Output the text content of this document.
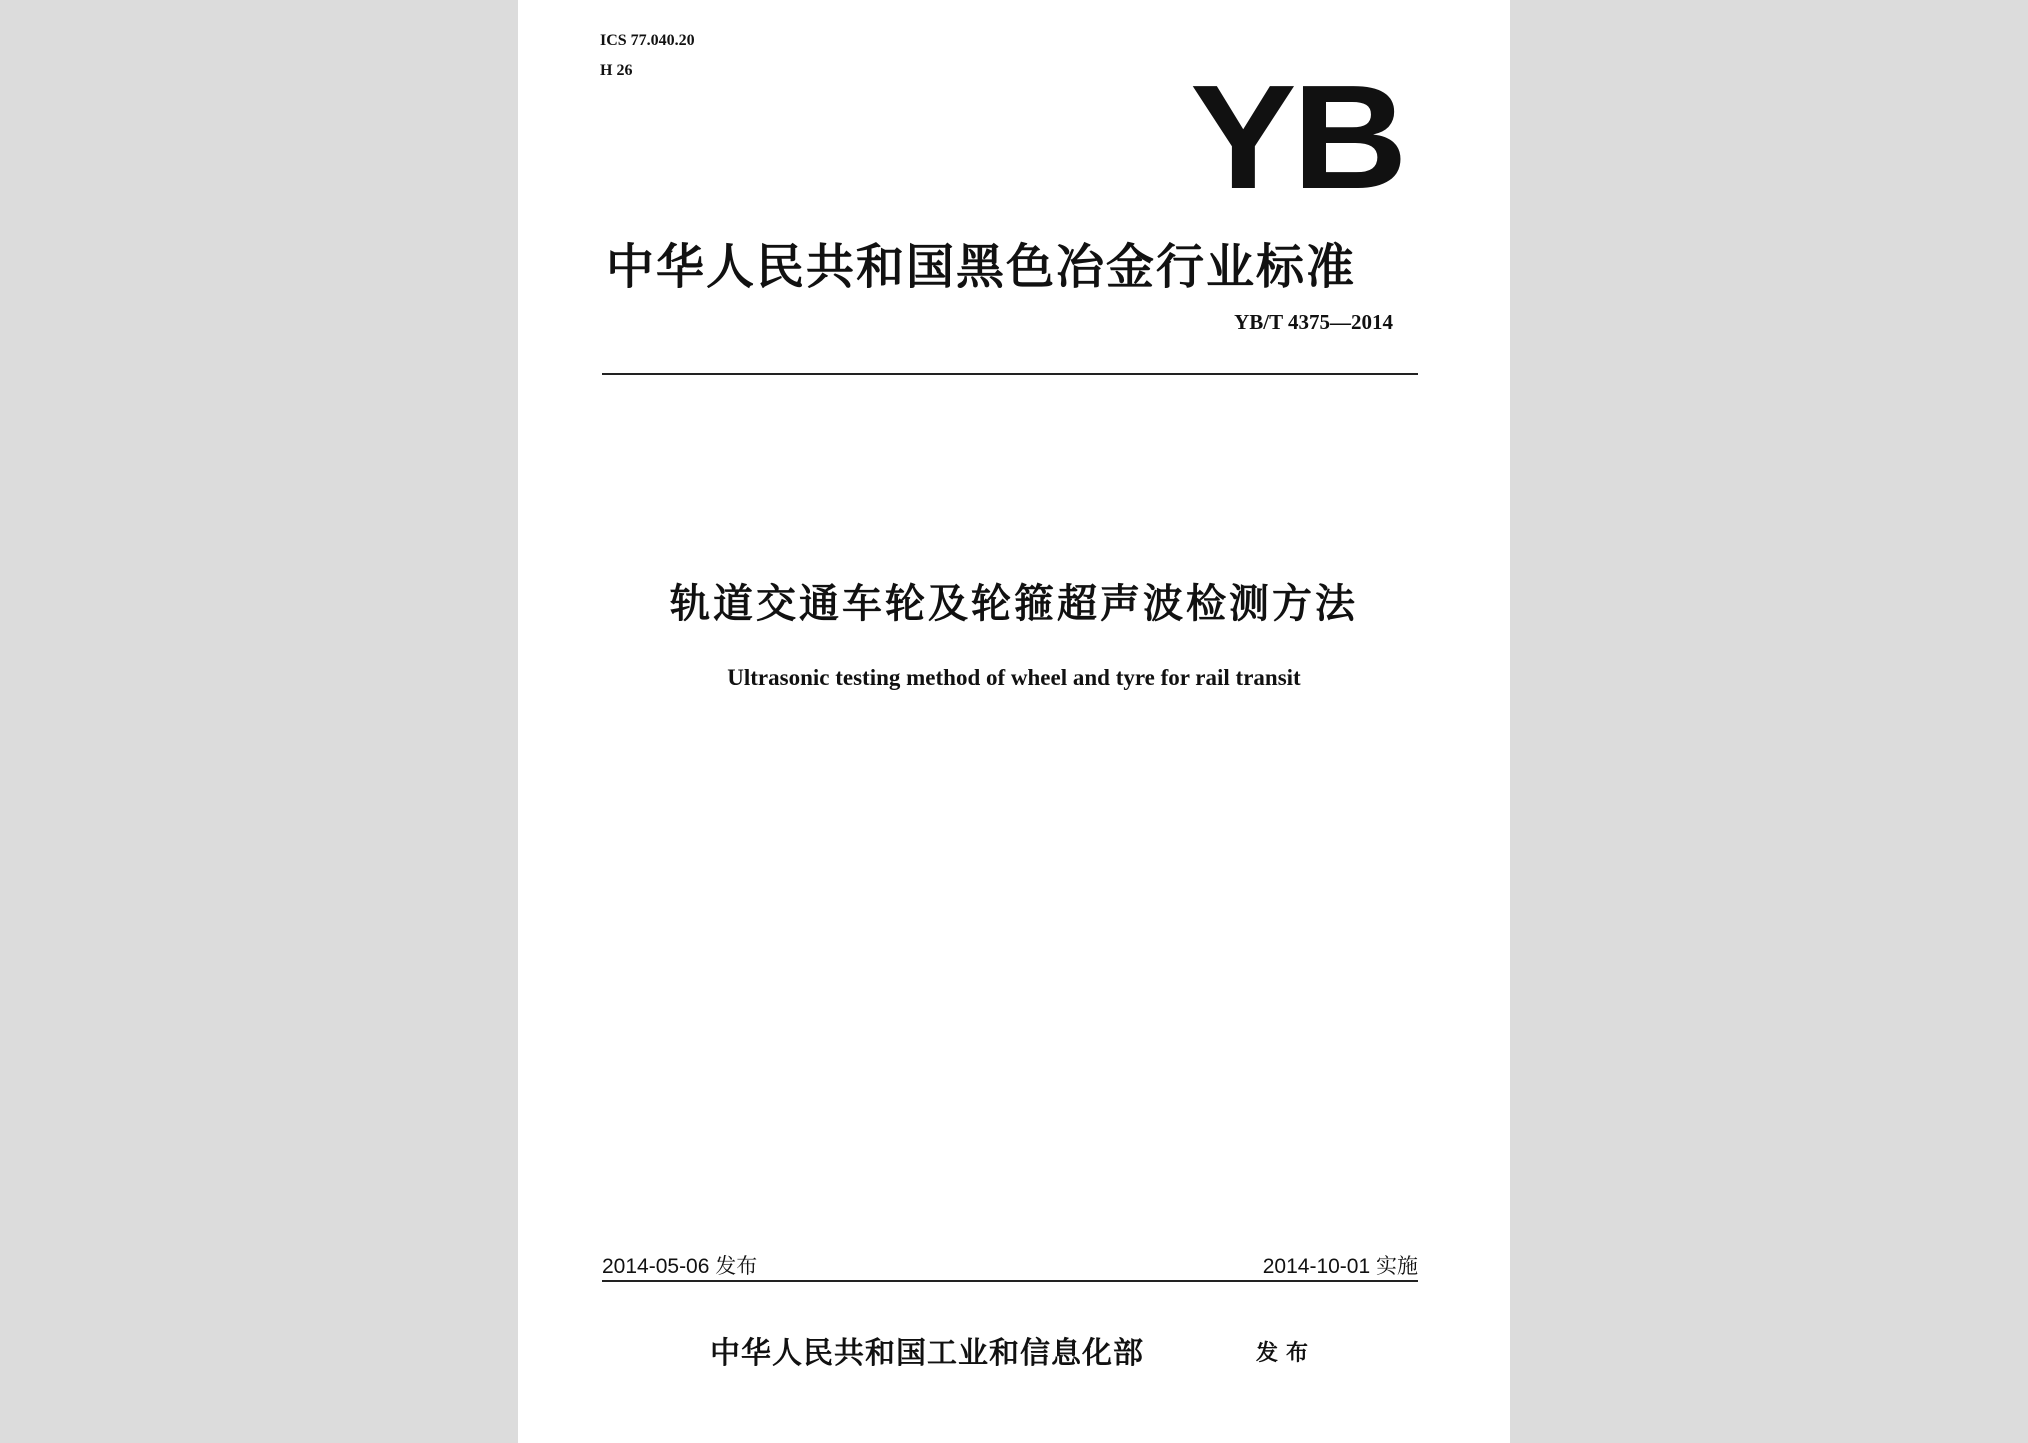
ICS 77.040.20
H 26	YB
中华人民共和国黑色冶金行业标准
YB/T 4375—2014
轨道交通车轮及轮箍超声波检测方法
Ultrasonic testing method of wheel and tyre for rail transit
2014-05-06 发布	2014-10-01 实施
中华人民共和国工业和信息化部	发布
